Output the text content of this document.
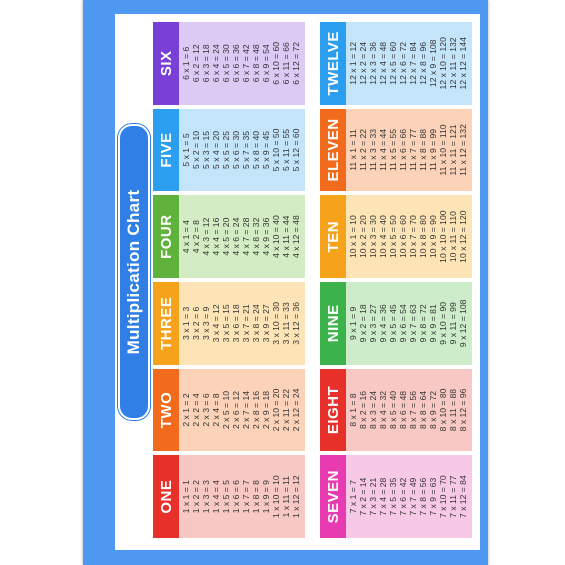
Multiplication Chart
ONE 1 x 1 = 1 1 x 2 = 2 1 x 3 = 3 1 x 4 = 4 1 x 5 = 5 1 x 6 = 6 1 x 7 = 7 1 x 8 = 8 1 x 9 = 9 1 x 10 = 10 1 x 11 = 11 1 x 12 = 12
TWO 2 x 1 = 2 2 x 2 = 4 2 x 3 = 6 2 x 4 = 8 2 x 5 = 10 2 x 6 = 12 2 x 7 = 14 2 x 8 = 16 2 x 9 = 18 2 x 10 = 20 2 x 11 = 22 2 x 12 = 24
THREE 3 x 1 = 3 3 x 2 = 6 3 x 3 = 9 3 x 4 = 12 3 x 5 = 15 3 x 6 = 18 3 x 7 = 21 3 x 8 = 24 3 x 9 = 27 3 x 10 = 30 3 x 11 = 33 3 x 12 = 36
FOUR 4 x 1 = 4 4 x 2 = 8 4 x 3 = 12 4 x 4 = 16 4 x 5 = 20 4 x 6 = 24 4 x 7 = 28 4 x 8 = 32 4 x 9 = 36 4 x 10 = 40 4 x 11 = 44 4 x 12 = 48
FIVE 5 x 1 = 5 5 x 2 = 10 5 x 3 = 15 5 x 4 = 20 5 x 5 = 25 5 x 6 = 30 5 x 7 = 35 5 x 8 = 40 5 x 9 = 45 5 x 10 = 50 5 x 11 = 55 5 x 12 = 60
SIX 6 x 1 = 6 6 x 2 = 12 6 x 3 = 18 6 x 4 = 24 6 x 5 = 30 6 x 6 = 36 6 x 7 = 42 6 x 8 = 48 6 x 9 = 54 6 x 10 = 60 6 x 11 = 66 6 x 12 = 72
SEVEN 7 x 1 = 7 7 x 2 = 14 7 x 3 = 21 7 x 4 = 28 7 x 5 = 35 7 x 6 = 42 7 x 7 = 49 7 x 8 = 56 7 x 9 = 63 7 x 10 = 70 7 x 11 = 77 7 x 12 = 84
EIGHT 8 x 1 = 8 8 x 2 = 16 8 x 3 = 24 8 x 4 = 32 8 x 5 = 40 8 x 6 = 48 8 x 7 = 56 8 x 8 = 64 8 x 9 = 72 8 x 10 = 80 8 x 11 = 88 8 x 12 = 96
NINE 9 x 1 = 9 9 x 2 = 18 9 x 3 = 27 9 x 4 = 36 9 x 5 = 45 9 x 6 = 54 9 x 7 = 63 9 x 8 = 72 9 x 9 = 81 9 x 10 = 90 9 x 11 = 99 9 x 12 = 108
TEN 10 x 1 = 10 10 x 2 = 20 10 x 3 = 30 10 x 4 = 40 10 x 5 = 50 10 x 6 = 60 10 x 7 = 70 10 x 8 = 80 10 x 9 = 90 10 x 10 = 100 10 x 11 = 110 10 x 12 = 120
ELEVEN 11 x 1 = 11 11 x 2 = 22 11 x 3 = 33 11 x 4 = 44 11 x 5 = 55 11 x 6 = 66 11 x 7 = 77 11 x 8 = 88 11 x 9 = 99 11 x 10 = 110 11 x 11 = 121 11 x 12 = 132
TWELVE 12 x 1 = 12 12 x 2 = 24 12 x 3 = 36 12 x 4 = 48 12 x 5 = 60 12 x 6 = 72 12 x 7 = 84 12 x 8 = 96 12 x 9 = 108 12 x 10 = 120 12 x 11 = 132 12 x 12 = 144
